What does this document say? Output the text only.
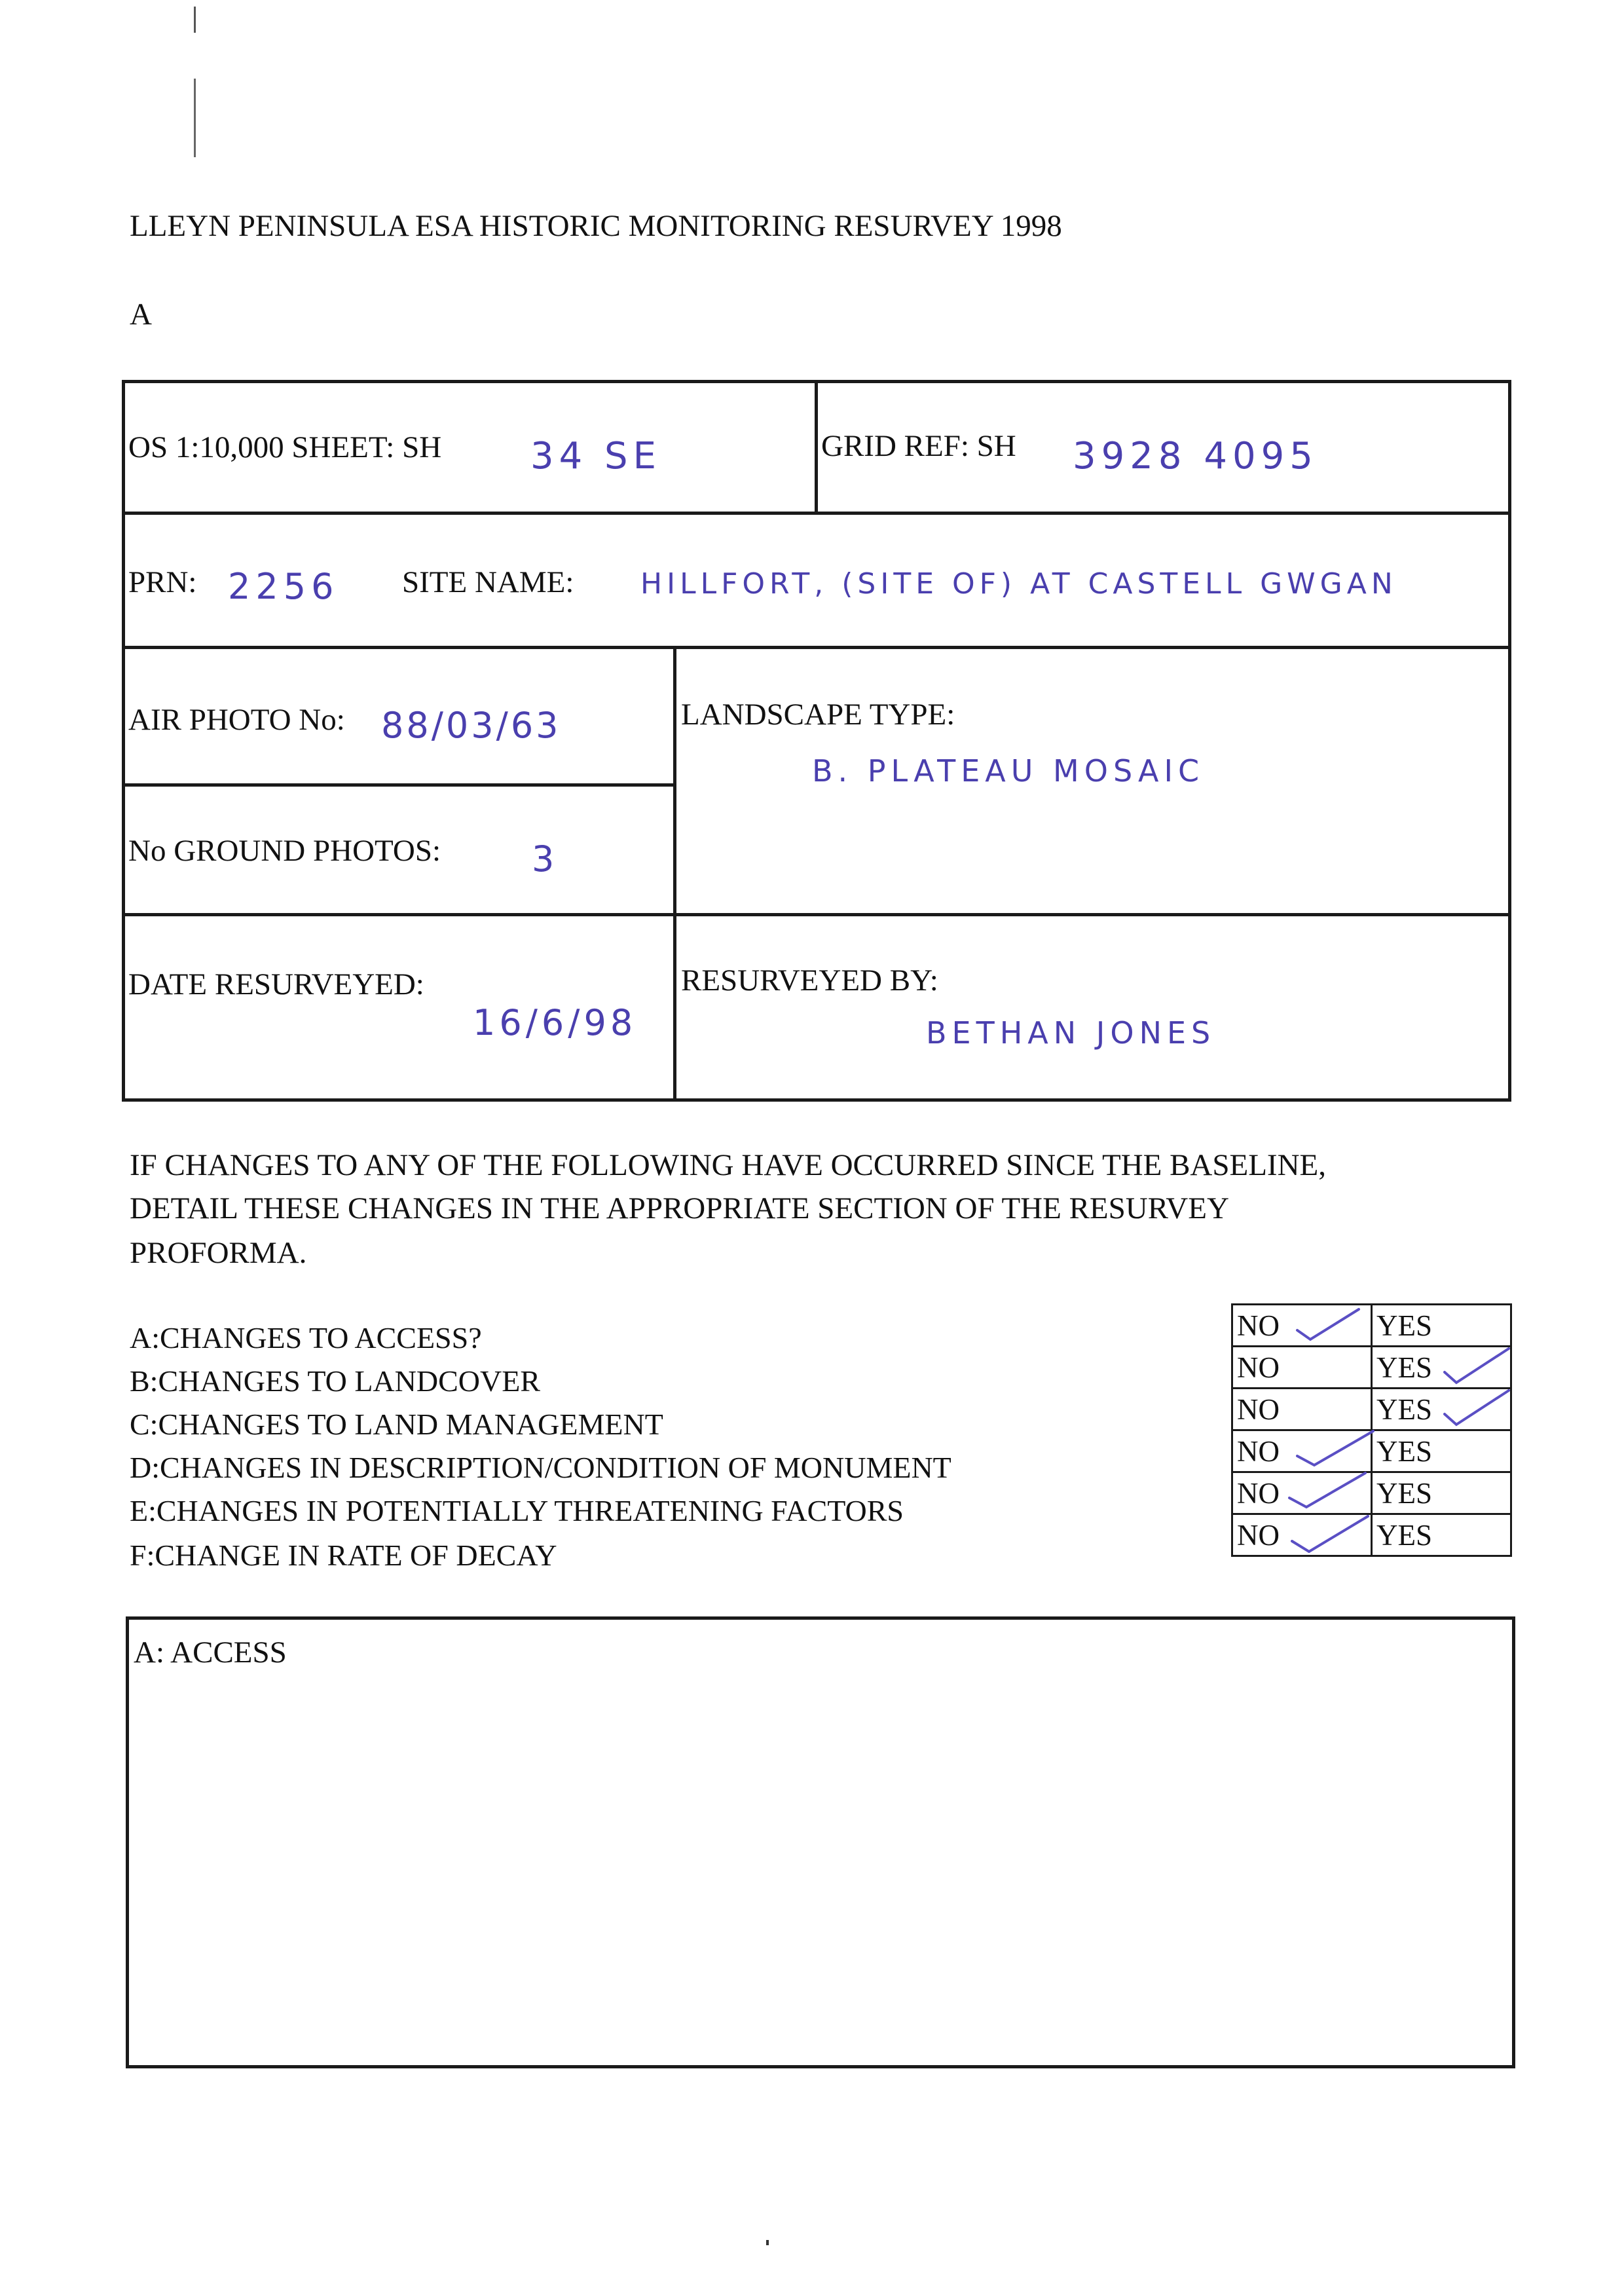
LLEYN PENINSULA ESA HISTORIC MONITORING RESURVEY 1998
A
OS 1:10,000 SHEET: SH 34 SE	GRID REF: SH 3928 4095
PRN: 2256 SITE NAME: HILLFORT, (SITE OF) AT CASTELL GWGAN
AIR PHOTO No: 88/03/63	LANDSCAPE TYPE:
B. PLATEAU MOSAIC
No GROUND PHOTOS:	3
DATE RESURVEYED:
16/6/98
RESURVEYED BY:
BETHAN JONES
IF CHANGES TO ANY OF THE FOLLOWING HAVE OCCURRED SINCE THE BASELINE,
DETAIL THESE CHANGES IN THE APPROPRIATE SECTION OF THE RESURVEY
PROFORMA.
A:CHANGES TO ACCESS?
B:CHANGES TO LANDCOVER
C:CHANGES TO LAND MANAGEMENT
D:CHANGES IN DESCRIPTION/CONDITION OF MONUMENT
E:CHANGES IN POTENTIALLY THREATENING FACTORS
F:CHANGE IN RATE OF DECAY
NO	YES
NO	YES

NO	YES

NO	YES
NO	YES
NO	YES
A: ACCESS
